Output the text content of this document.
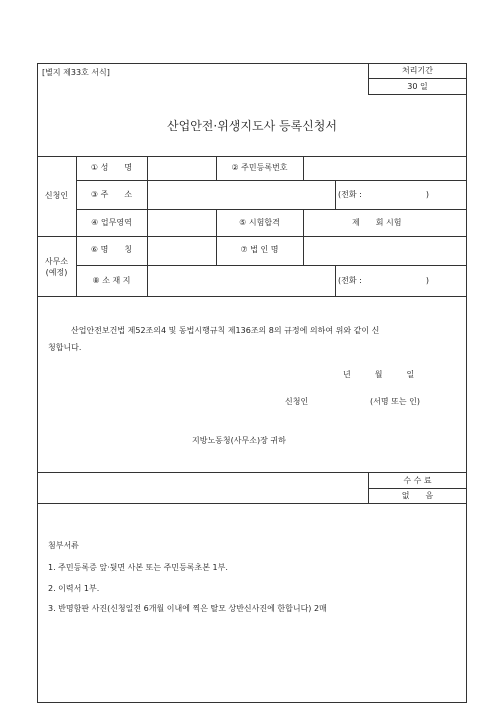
[별지 제33호 서식]	처리기간
30 일
산업안전·위생지도사 등록신청서
신청인
① 성　　명	② 주민등록번호
③ 주　　소	(전화 :　　　　　　　　)
④ 업무영역	⑤ 시험합격	제　　회 시험
사무소
(예정)
⑥ 명　　칭	⑦ 법 인 명
⑧ 소 재 지	(전화 :　　　　　　　　)
산업안전보건법 제52조의4 및 동법시행규칙 제136조의 8의 규정에 의하여 위와 같이 신
청합니다.
년　　　월　　　일
신청인	(서명 또는 인)
지방노동청(사무소)장 귀하
수 수 료
없　　음
첨부서류
1. 주민등록증 앞·뒷면 사본 또는 주민등록초본 1부.
2. 이력서 1부.
3. 반명함판 사진(신청일전 6개월 이내에 찍은 탈모 상반신사진에 한합니다) 2매
